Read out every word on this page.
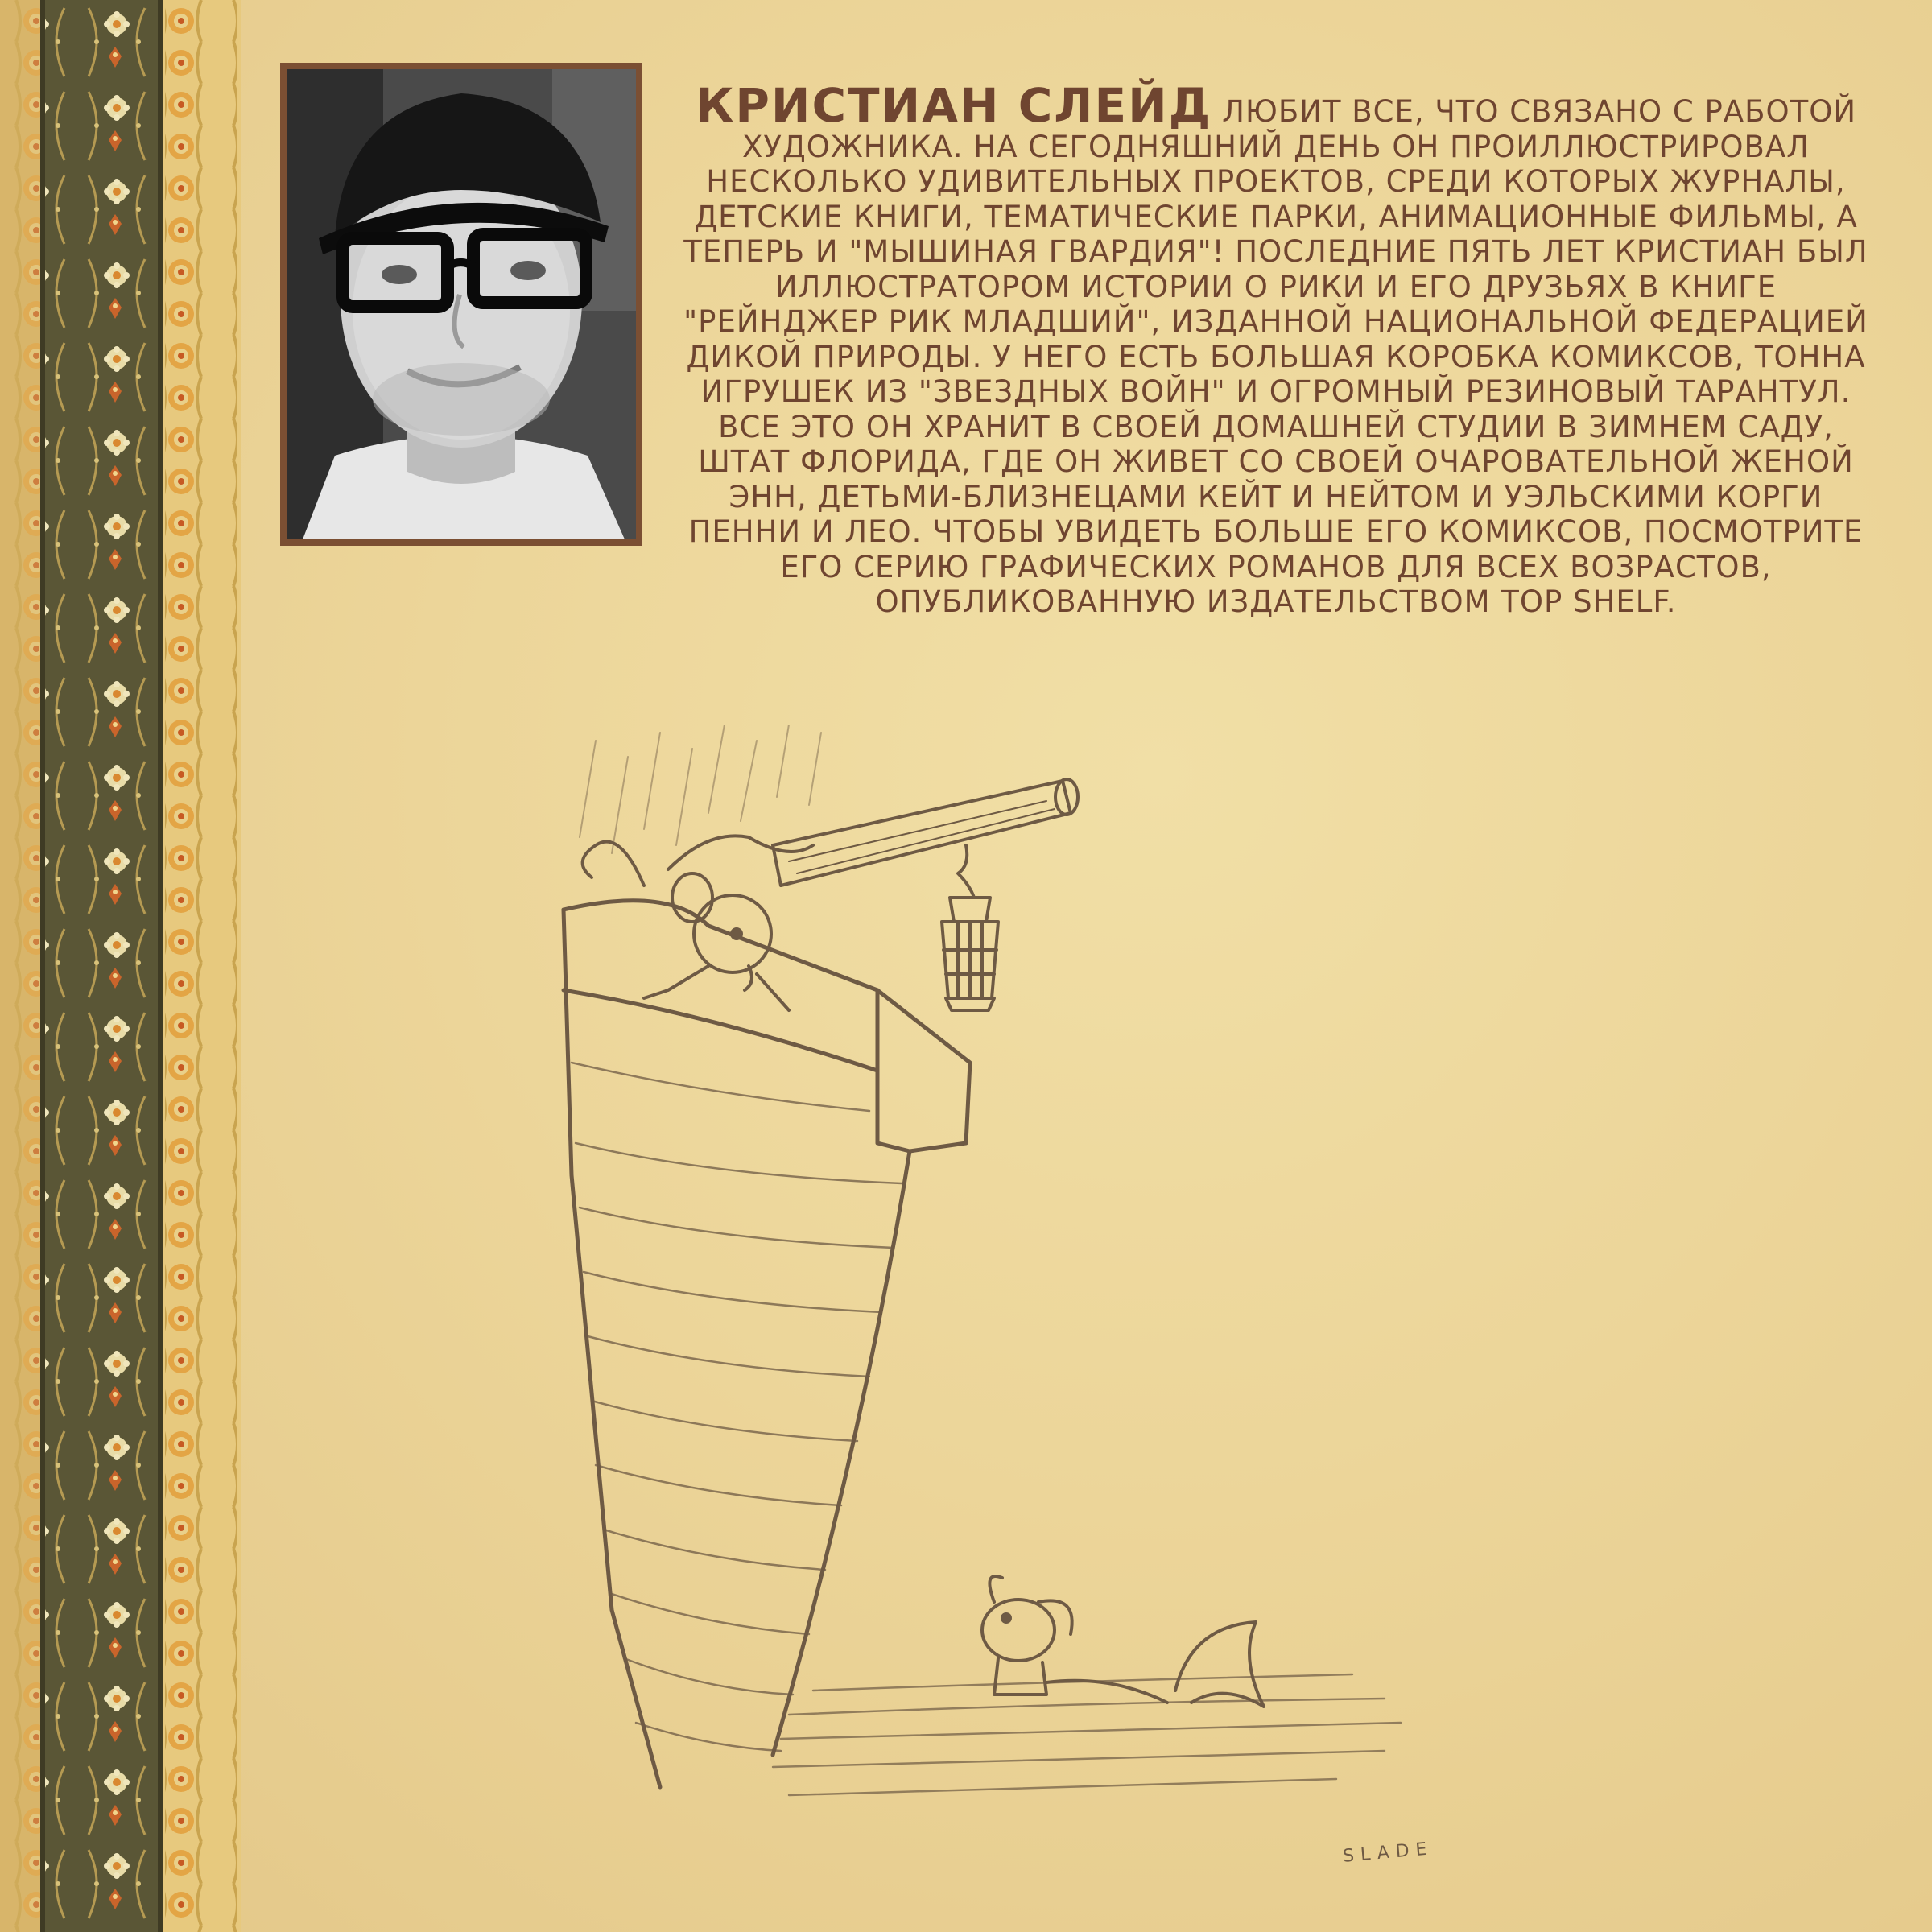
КРИСТИАН СЛЕЙД ЛЮБИТ ВСЕ, ЧТО СВЯЗАНО С РАБОТОЙ ХУДОЖНИКА. НА СЕГОДНЯШНИЙ ДЕНЬ ОН ПРОИЛЛЮСТРИРОВАЛ НЕСКОЛЬКО УДИВИТЕЛЬНЫХ ПРОЕКТОВ, СРЕДИ КОТОРЫХ ЖУРНАЛЫ, ДЕТСКИЕ КНИГИ, ТЕМАТИЧЕСКИЕ ПАРКИ, АНИМАЦИОННЫЕ ФИЛЬМЫ, А ТЕПЕРЬ И "МЫШИНАЯ ГВАРДИЯ"! ПОСЛЕДНИЕ ПЯТЬ ЛЕТ КРИСТИАН БЫЛ ИЛЛЮСТРАТОРОМ ИСТОРИИ О РИКИ И ЕГО ДРУЗЬЯХ В КНИГЕ "РЕЙНДЖЕР РИК МЛАДШИЙ", ИЗДАННОЙ НАЦИОНАЛЬНОЙ ФЕДЕРАЦИЕЙ ДИКОЙ ПРИРОДЫ. У НЕГО ЕСТЬ БОЛЬШАЯ КОРОБКА КОМИКСОВ, ТОННА ИГРУШЕК ИЗ "ЗВЕЗДНЫХ ВОЙН" И ОГРОМНЫЙ РЕЗИНОВЫЙ ТАРАНТУЛ. ВСЕ ЭТО ОН ХРАНИТ В СВОЕЙ ДОМАШНЕЙ СТУДИИ В ЗИМНЕМ САДУ, ШТАТ ФЛОРИДА, ГДЕ ОН ЖИВЕТ СО СВОЕЙ ОЧАРОВАТЕЛЬНОЙ ЖЕНОЙ ЭНН, ДЕТЬМИ-БЛИЗНЕЦАМИ КЕЙТ И НЕЙТОМ И УЭЛЬСКИМИ КОРГИ ПЕННИ И ЛЕО. ЧТОБЫ УВИДЕТЬ БОЛЬШЕ ЕГО КОМИКСОВ, ПОСМОТРИТЕ ЕГО СЕРИЮ ГРАФИЧЕСКИХ РОМАНОВ ДЛЯ ВСЕХ ВОЗРАСТОВ, ОПУБЛИКОВАННУЮ ИЗДАТЕЛЬСТВОМ TOP SHELF.

SLADE
